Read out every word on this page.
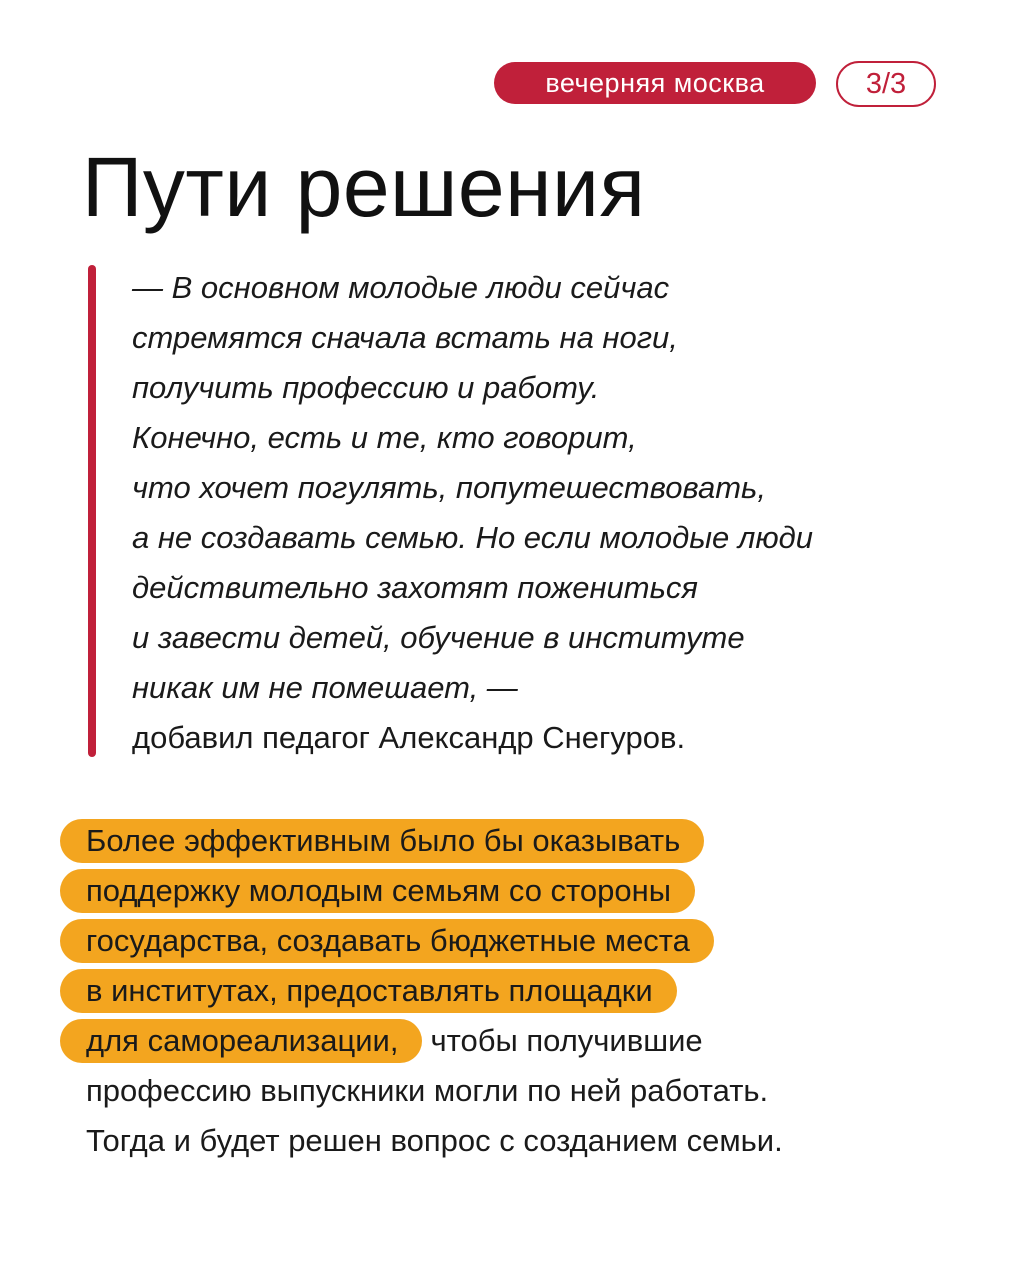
вечерняя москва	3/3
Пути решения
— В основном молодые люди сейчас
стремятся сначала встать на ноги,
получить профессию и работу.
Конечно, есть и те, кто говорит,
что хочет погулять, попутешествовать,
а не создавать семью. Но если молодые люди
действительно захотят пожениться
и завести детей, обучение в институте
никак им не помешает, —
добавил педагог Александр Снегуров.
Более эффективным было бы оказывать
поддержку молодым семьям со стороны
государства, создавать бюджетные места
в институтах, предоставлять площадки
для самореализации, чтобы получившие
профессию выпускники могли по ней работать.
Тогда и будет решен вопрос с созданием семьи.
